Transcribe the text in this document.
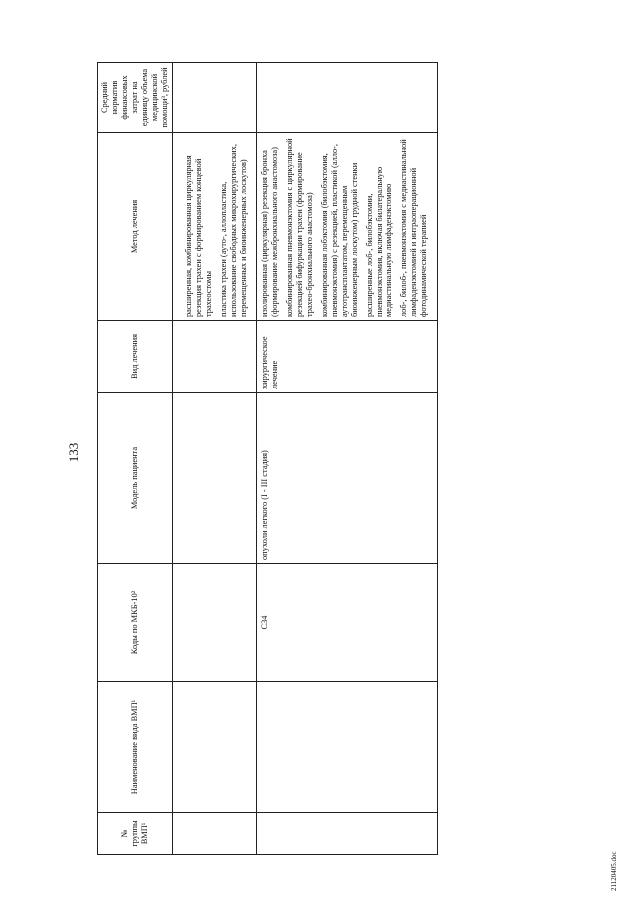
133
№ группы ВМП¹	Наименование вида ВМП¹	Коды по МКБ-10²	Модель пациента	Вид лечения	Метод лечения	Средний норматив финансовых затрат на единицу объема медицинской помощи³, рублей

					расширенная, комбинированная циркулярная резекция трахеи с формированием концевой трахеостомы пластика трахеи (ауто-, аллопластика, использование свободных микрохирургических, перемещенных и биоинженерных лоскутов)	

		C34	опухоли легкого (I - III стадия)	хирургическое лечение	изолированная (циркулярная) резекция бронха (формирование межбронхиального анастомоза) комбинированная пневмонэктомия с циркулярной резекцией бифуркации трахеи (формирование трахео-бронхиального анастомоза) комбинированная лобэктомия (билобэктомия, пневмонэктомия) с резекцией, пластикой (алло-, аутотрансплантатом, перемещенным биоинженерным лоскутом) грудной стенки расширенные лоб-, билобэктомии, пневмонэктомия, включая билатеральную медиастинальную лимфаденэктомию лоб-, билоб-, пневмонэктомия с медиастинальной лимфаденэктомией и интраоперационной фотодинамической терапией	

21120405.doc
